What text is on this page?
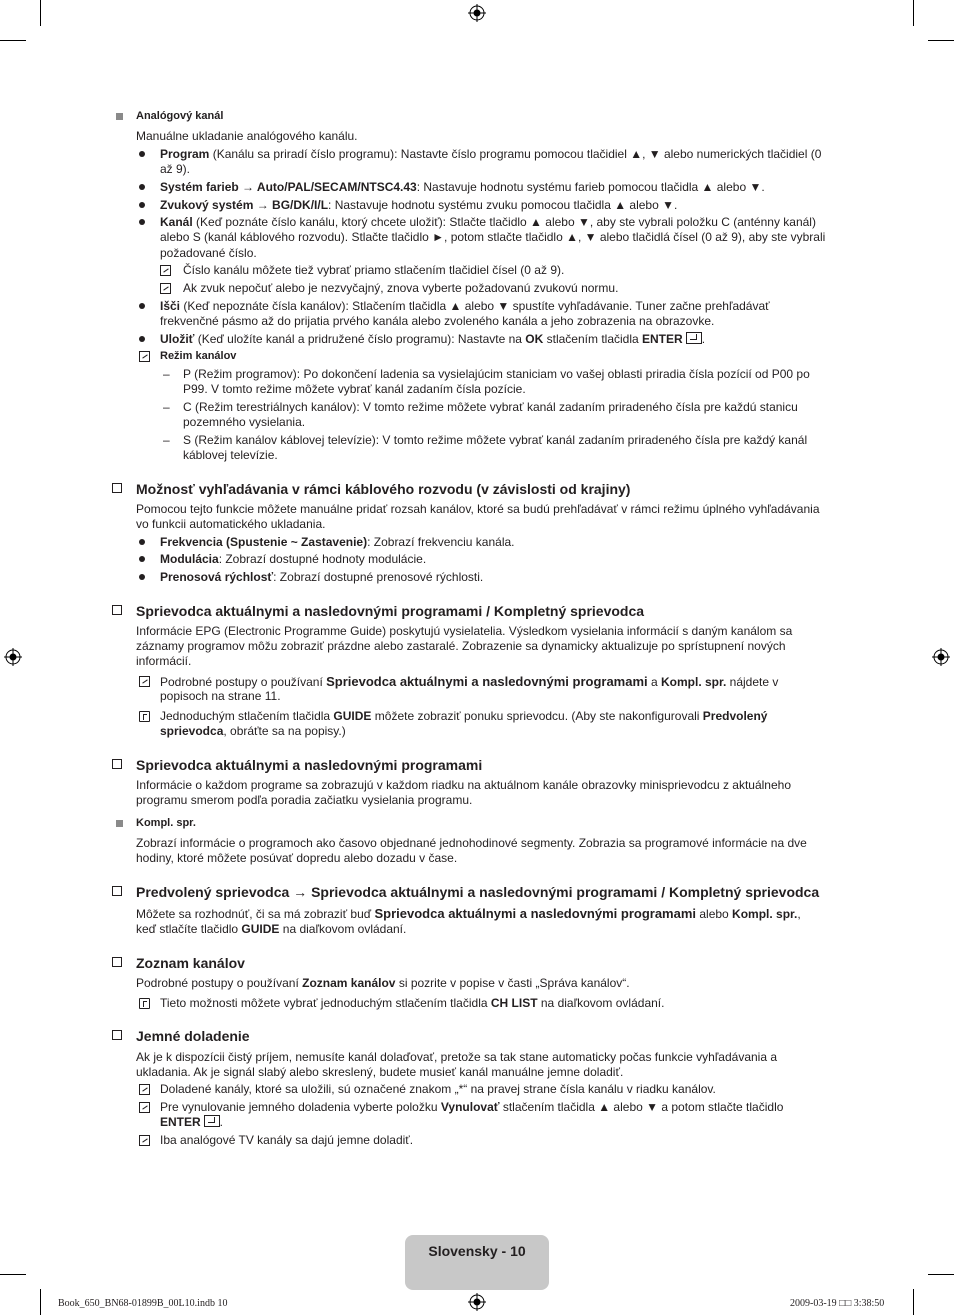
Analógový kanál
Manuálne ukladanie analógového kanálu.
Program (Kanálu sa priradí číslo programu): Nastavte číslo programu pomocou tlačidiel ▲, ▼ alebo numerických tlačidiel (0
až 9).
Systém farieb → Auto/PAL/SECAM/NTSC4.43: Nastavuje hodnotu systému farieb pomocou tlačidla ▲ alebo ▼.
Zvukový systém → BG/DK/I/L: Nastavuje hodnotu systému zvuku pomocou tlačidla ▲ alebo ▼.
Kanál (Keď poznáte číslo kanálu, ktorý chcete uložiť): Stlačte tlačidlo ▲ alebo ▼, aby ste vybrali položku C (anténny kanál)
alebo S (kanál káblového rozvodu). Stlačte tlačidlo ►, potom stlačte tlačidlo ▲, ▼ alebo tlačidlá čísel (0 až 9), aby ste vybrali
požadované číslo.
Číslo kanálu môžete tiež vybrať priamo stlačením tlačidiel čísel (0 až 9).
Ak zvuk nepočuť alebo je nezvyčajný, znova vyberte požadovanú zvukovú normu.
Išči (Keď nepoznáte čísla kanálov): Stlačením tlačidla ▲ alebo ▼ spustíte vyhľadávanie. Tuner začne prehľadávať
frekvenčné pásmo až do prijatia prvého kanála alebo zvoleného kanála a jeho zobrazenia na obrazovke.
Uložiť (Keď uložíte kanál a pridružené číslo programu): Nastavte na OK stlačením tlačidla ENTER .
Režim kanálov
– P (Režim programov): Po dokončení ladenia sa vysielajúcim staniciam vo vašej oblasti priradia čísla pozícií od P00 po
P99. V tomto režime môžete vybrať kanál zadaním čísla pozície.
– C (Režim terestriálnych kanálov): V tomto režime môžete vybrať kanál zadaním priradeného čísla pre každú stanicu
pozemného vysielania.
– S (Režim kanálov káblovej televízie): V tomto režime môžete vybrať kanál zadaním priradeného čísla pre každý kanál
káblovej televízie.
Možnosť vyhľadávania v rámci káblového rozvodu (v závislosti od krajiny)
Pomocou tejto funkcie môžete manuálne pridať rozsah kanálov, ktoré sa budú prehľadávať v rámci režimu úplného vyhľadávania
vo funkcii automatického ukladania.
Frekvencia (Spustenie ~ Zastavenie): Zobrazí frekvenciu kanála.
Modulácia: Zobrazí dostupné hodnoty modulácie.
Prenosová rýchlosť: Zobrazí dostupné prenosové rýchlosti.
Sprievodca aktuálnymi a nasledovnými programami / Kompletný sprievodca
Informácie EPG (Electronic Programme Guide) poskytujú vysielatelia. Výsledkom vysielania informácií s daným kanálom sa
záznamy programov môžu zobraziť prázdne alebo zastaralé. Zobrazenie sa dynamicky aktualizuje po sprístupnení nových
informácií.
Podrobné postupy o používaní Sprievodca aktuálnymi a nasledovnými programami a Kompl. spr. nájdete v
popisoch na strane 11.
Jednoduchým stlačením tlačidla GUIDE môžete zobraziť ponuku sprievodcu. (Aby ste nakonfigurovali Predvolený
sprievodca, obráťte sa na popisy.)
Sprievodca aktuálnymi a nasledovnými programami
Informácie o každom programe sa zobrazujú v každom riadku na aktuálnom kanále obrazovky minisprievodcu z aktuálneho
programu smerom podľa poradia začiatku vysielania programu.
Kompl. spr.
Zobrazí informácie o programoch ako časovo objednané jednohodinové segmenty. Zobrazia sa programové informácie na dve
hodiny, ktoré môžete posúvať dopredu alebo dozadu v čase.
Predvolený sprievodca → Sprievodca aktuálnymi a nasledovnými programami / Kompletný sprievodca
Môžete sa rozhodnúť, či sa má zobraziť buď Sprievodca aktuálnymi a nasledovnými programami alebo Kompl. spr.,
keď stlačíte tlačidlo GUIDE na diaľkovom ovládaní.
Zoznam kanálov
Podrobné postupy o používaní Zoznam kanálov si pozrite v popise v časti „Správa kanálov“.
Tieto možnosti môžete vybrať jednoduchým stlačením tlačidla CH LIST na diaľkovom ovládaní.
Jemné doladenie
Ak je k dispozícii čistý príjem, nemusíte kanál dolaďovať, pretože sa tak stane automaticky počas funkcie vyhľadávania a
ukladania. Ak je signál slabý alebo skreslený, budete musieť kanál manuálne jemne doladiť.
Doladené kanály, ktoré sa uložili, sú označené znakom „*“ na pravej strane čísla kanálu v riadku kanálov.
Pre vynulovanie jemného doladenia vyberte položku Vynulovať stlačením tlačidla ▲ alebo ▼ a potom stlačte tlačidlo
ENTER .
Iba analógové TV kanály sa dajú jemne doladiť.
Slovensky - 10
Book_650_BN68-01899B_00L10.indb 10	2009-03-19 □□ 3:38:50
